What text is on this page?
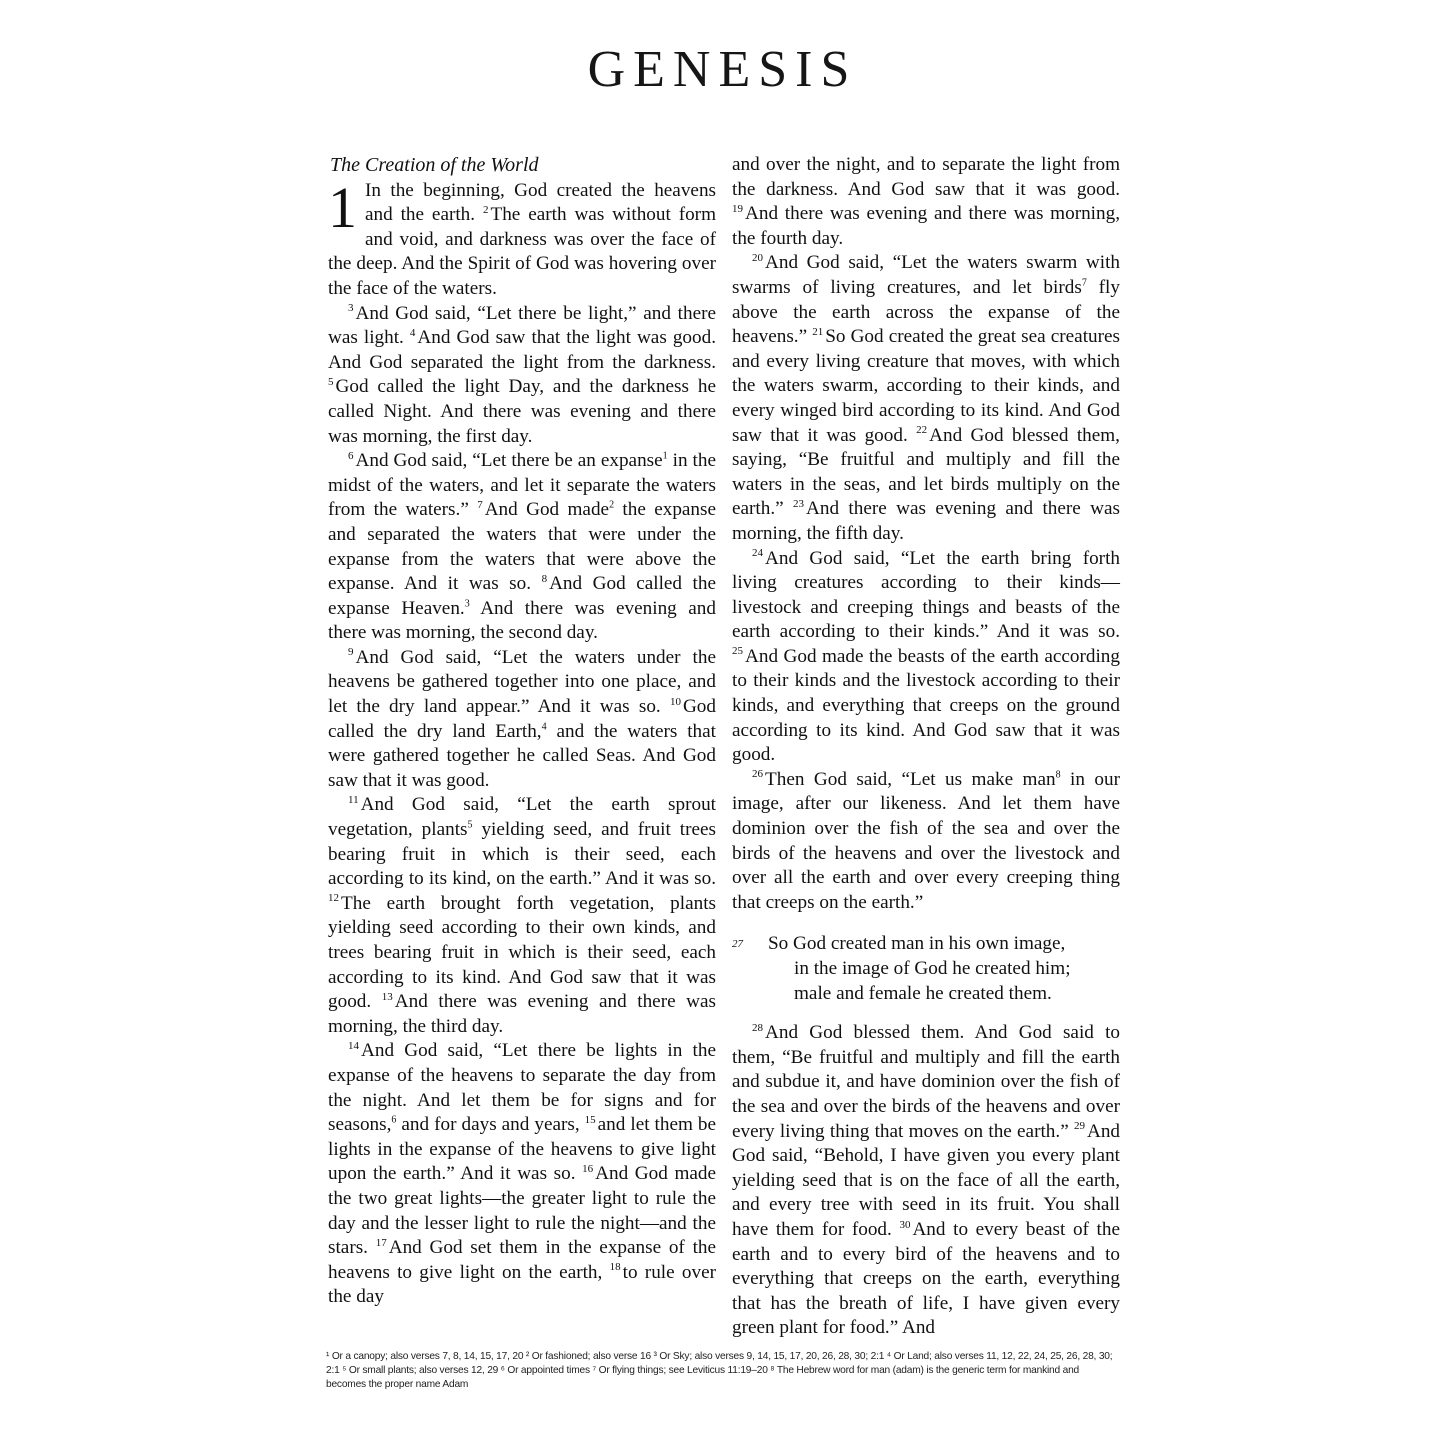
GENESIS
The Creation of the World

1 In the beginning, God created the heavens and the earth. $^2$ The earth was without form and void, and darkness was over the face of the deep. And the Spirit of God was hovering over the face of the waters.

$^3$ And God said, “Let there be light,” and there was light. $^4$ And God saw that the light was good. And God separated the light from the darkness. $^5$ God called the light Day, and the darkness he called Night. And there was evening and there was morning, the first day.

$^6$ And God said, “Let there be an expanse$^1$ in the midst of the waters, and let it separate the waters from the waters.” $^7$ And God made$^2$ the expanse and separated the waters that were under the expanse from the waters that were above the expanse. And it was so. $^8$ And God called the expanse Heaven.$^3$ And there was evening and there was morning, the second day.

$^9$ And God said, “Let the waters under the heavens be gathered together into one place, and let the dry land appear.” And it was so. $^{10}$ God called the dry land Earth,$^4$ and the waters that were gathered together he called Seas. And God saw that it was good.

$^{11}$ And God said, “Let the earth sprout vegetation, plants$^5$ yielding seed, and fruit trees bearing fruit in which is their seed, each according to its kind, on the earth.” And it was so. $^{12}$ The earth brought forth vegetation, plants yielding seed according to their own kinds, and trees bearing fruit in which is their seed, each according to its kind. And God saw that it was good. $^{13}$ And there was evening and there was morning, the third day.

$^{14}$ And God said, “Let there be lights in the expanse of the heavens to separate the day from the night. And let them be for signs and for seasons,$^6$ and for days and years, $^{15}$ and let them be lights in the expanse of the heavens to give light upon the earth.” And it was so. $^{16}$ And God made the two great lights—the greater light to rule the day and the lesser light to rule the night—and the stars. $^{17}$ And God set them in the expanse of the heavens to give light on the earth, $^{18}$ to rule over the day

and over the night, and to separate the light from the darkness. And God saw that it was good. $^{19}$ And there was evening and there was morning, the fourth day.

$^{20}$ And God said, “Let the waters swarm with swarms of living creatures, and let birds$^7$ fly above the earth across the expanse of the heavens.” $^{21}$ So God created the great sea creatures and every living creature that moves, with which the waters swarm, according to their kinds, and every winged bird according to its kind. And God saw that it was good. $^{22}$ And God blessed them, saying, “Be fruitful and multiply and fill the waters in the seas, and let birds multiply on the earth.” $^{23}$ And there was evening and there was morning, the fifth day.

$^{24}$ And God said, “Let the earth bring forth living creatures according to their kinds—livestock and creeping things and beasts of the earth according to their kinds.” And it was so. $^{25}$ And God made the beasts of the earth according to their kinds and the livestock according to their kinds, and everything that creeps on the ground according to its kind. And God saw that it was good.

$^{26}$ Then God said, “Let us make man$^8$ in our image, after our likeness. And let them have dominion over the fish of the sea and over the birds of the heavens and over the livestock and over all the earth and over every creeping thing that creeps on the earth.”

27 So God created man in his own image,
in the image of God he created him;
male and female he created them.

$^{28}$ And God blessed them. And God said to them, “Be fruitful and multiply and fill the earth and subdue it, and have dominion over the fish of the sea and over the birds of the heavens and over every living thing that moves on the earth.” $^{29}$ And God said, “Behold, I have given you every plant yielding seed that is on the face of all the earth, and every tree with seed in its fruit. You shall have them for food. $^{30}$ And to every beast of the earth and to every bird of the heavens and to everything that creeps on the earth, everything that has the breath of life, I have given every green plant for food.” And

¹ Or a canopy; also verses 7, 8, 14, 15, 17, 20 ² Or fashioned; also verse 16 ³ Or Sky; also verses 9, 14, 15, 17, 20, 26, 28, 30; 2:1 ⁴ Or Land; also verses 11, 12, 22, 24, 25, 26, 28, 30; 2:1 ⁵ Or small plants; also verses 12, 29 ⁶ Or appointed times ⁷ Or flying things; see Leviticus 11:19–20 ⁸ The Hebrew word for man (adam) is the generic term for mankind and becomes the proper name Adam
